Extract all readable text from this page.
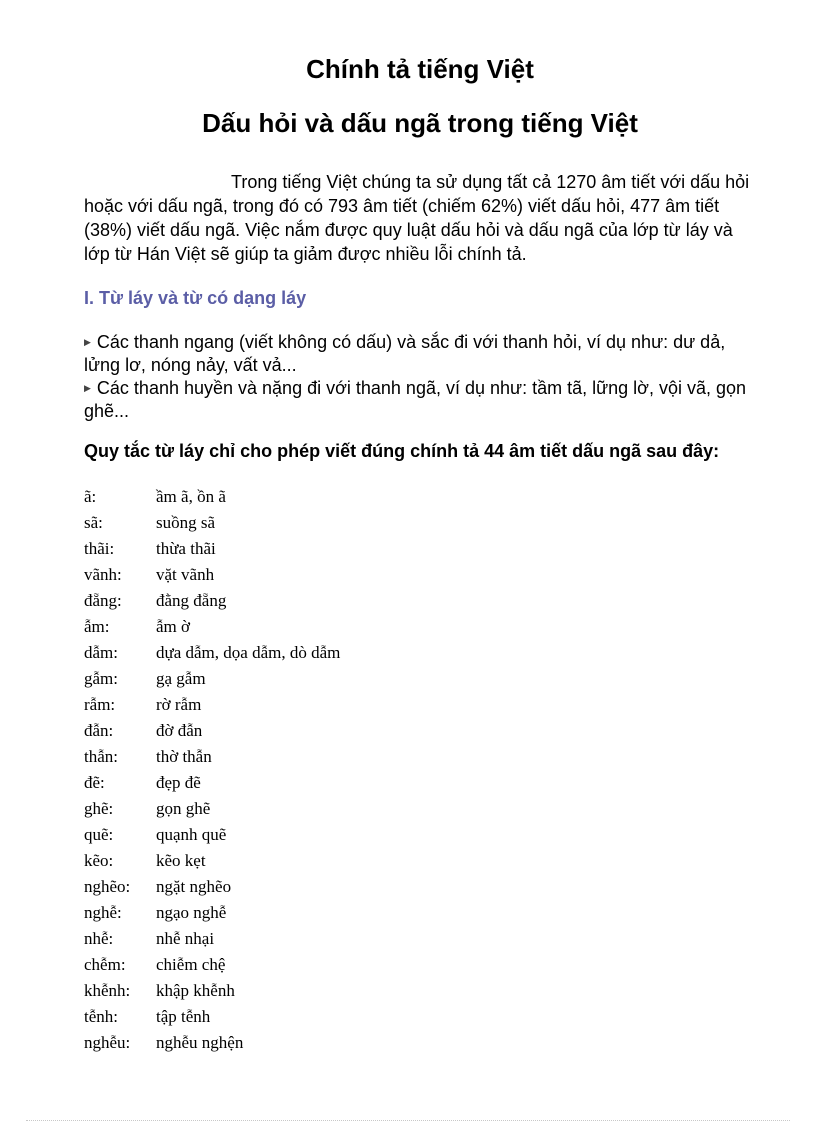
Chính tả tiếng Việt
Dấu hỏi và dấu ngã trong tiếng Việt

Trong tiếng Việt chúng ta sử dụng tất cả 1270 âm tiết với dấu hỏi hoặc với dấu ngã, trong đó có 793 âm tiết (chiếm 62%) viết dấu hỏi, 477 âm tiết (38%) viết dấu ngã. Việc nắm được quy luật dấu hỏi và dấu ngã của lớp từ láy và lớp từ Hán Việt sẽ giúp ta giảm được nhiều lỗi chính tả.

I. Từ láy và từ có dạng láy
▶ Các thanh ngang (viết không có dấu) và sắc đi với thanh hỏi, ví dụ như: dư dả, lửng lơ, nóng nảy, vất vả...
▶ Các thanh huyền và nặng đi với thanh ngã, ví dụ như: tầm tã, lững lờ, vội vã, gọn ghẽ...

Quy tắc từ láy chỉ cho phép viết đúng chính tả 44 âm tiết dấu ngã sau đây:

ã:	ầm ã, ồn ã
sã:	suồng sã
thãi: thừa thãi
vãnh: vặt vãnh
đẵng: đằng đẵng
ẫm:	ẫm ờ
dẫm: dựa dẫm, dọa dẫm, dò dẫm
gẫm: gạ gẫm
rẫm: rờ rẫm
đẫn:	đờ đẫn
thẫn: thờ thẫn
đẽ:	đẹp đẽ
ghẽ:	gọn ghẽ
quẽ:	quạnh quẽ
kẽo:	kẽo kẹt
nghẽo: ngặt nghẽo
nghễ: ngạo nghễ
nhễ:	nhễ nhại
chễm: chiễm chệ
khễnh: khập khễnh
tễnh: tập tễnh
nghễu: nghễu nghện
